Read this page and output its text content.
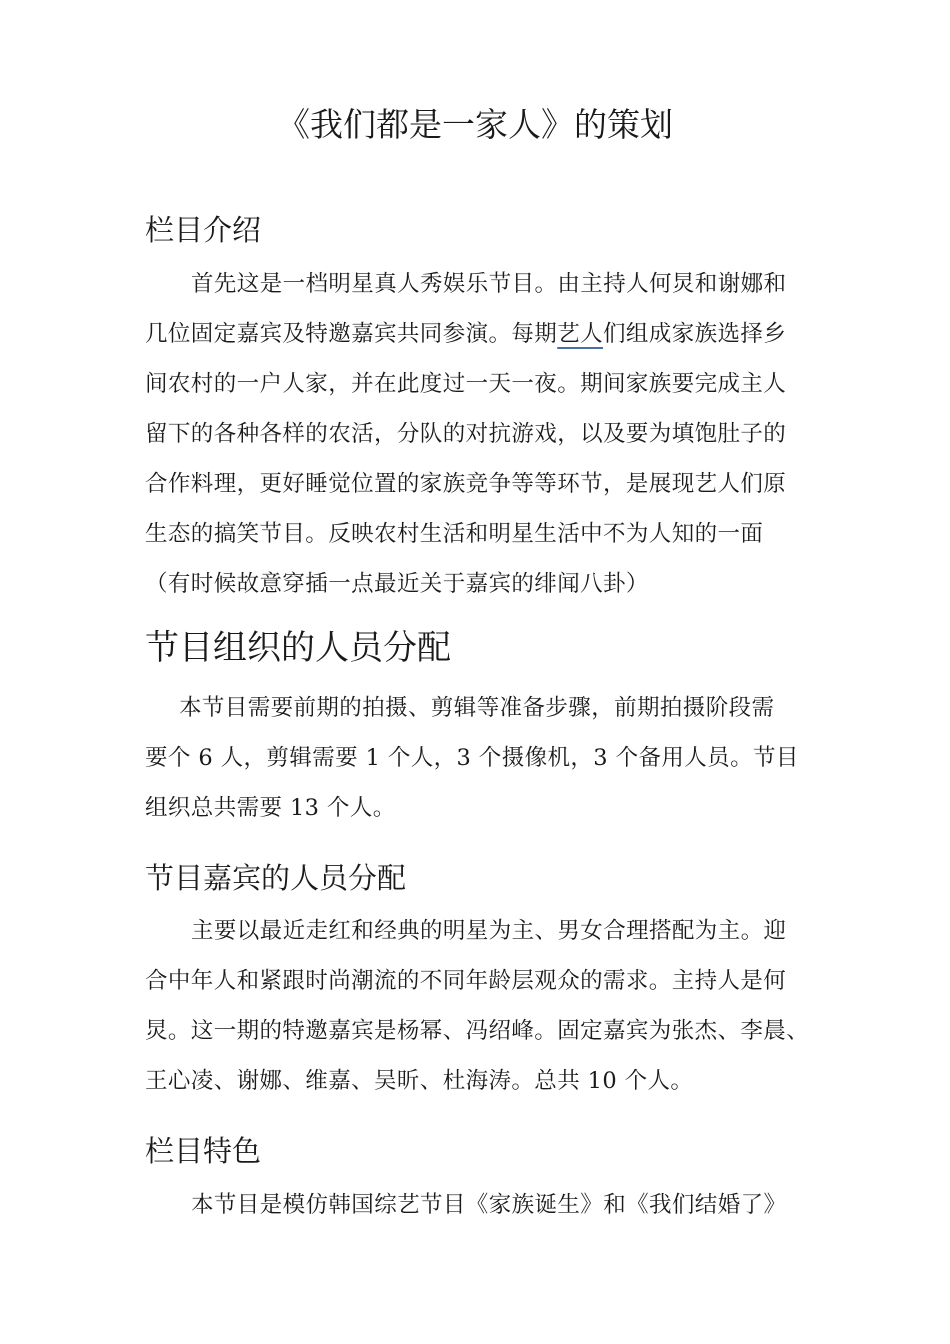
《我们都是一家人》的策划
栏目介绍
首先这是一档明星真人秀娱乐节目。由主持人何炅和谢娜和
几位固定嘉宾及特邀嘉宾共同参演。每期艺人们组成家族选择乡
间农村的一户人家，并在此度过一天一夜。期间家族要完成主人
留下的各种各样的农活，分队的对抗游戏，以及要为填饱肚子的
合作料理，更好睡觉位置的家族竞争等等环节，是展现艺人们原
生态的搞笑节目。反映农村生活和明星生活中不为人知的一面
（有时候故意穿插一点最近关于嘉宾的绯闻八卦）
节目组织的人员分配
本节目需要前期的拍摄、剪辑等准备步骤，前期拍摄阶段需
要个 6 人，剪辑需要 1 个人，3 个摄像机，3 个备用人员。节目
组织总共需要 13 个人。
节目嘉宾的人员分配
主要以最近走红和经典的明星为主、男女合理搭配为主。迎
合中年人和紧跟时尚潮流的不同年龄层观众的需求。主持人是何
炅。这一期的特邀嘉宾是杨幂、冯绍峰。固定嘉宾为张杰、李晨、
王心凌、谢娜、维嘉、吴昕、杜海涛。总共 10 个人。
栏目特色
本节目是模仿韩国综艺节目《家族诞生》和《我们结婚了》
